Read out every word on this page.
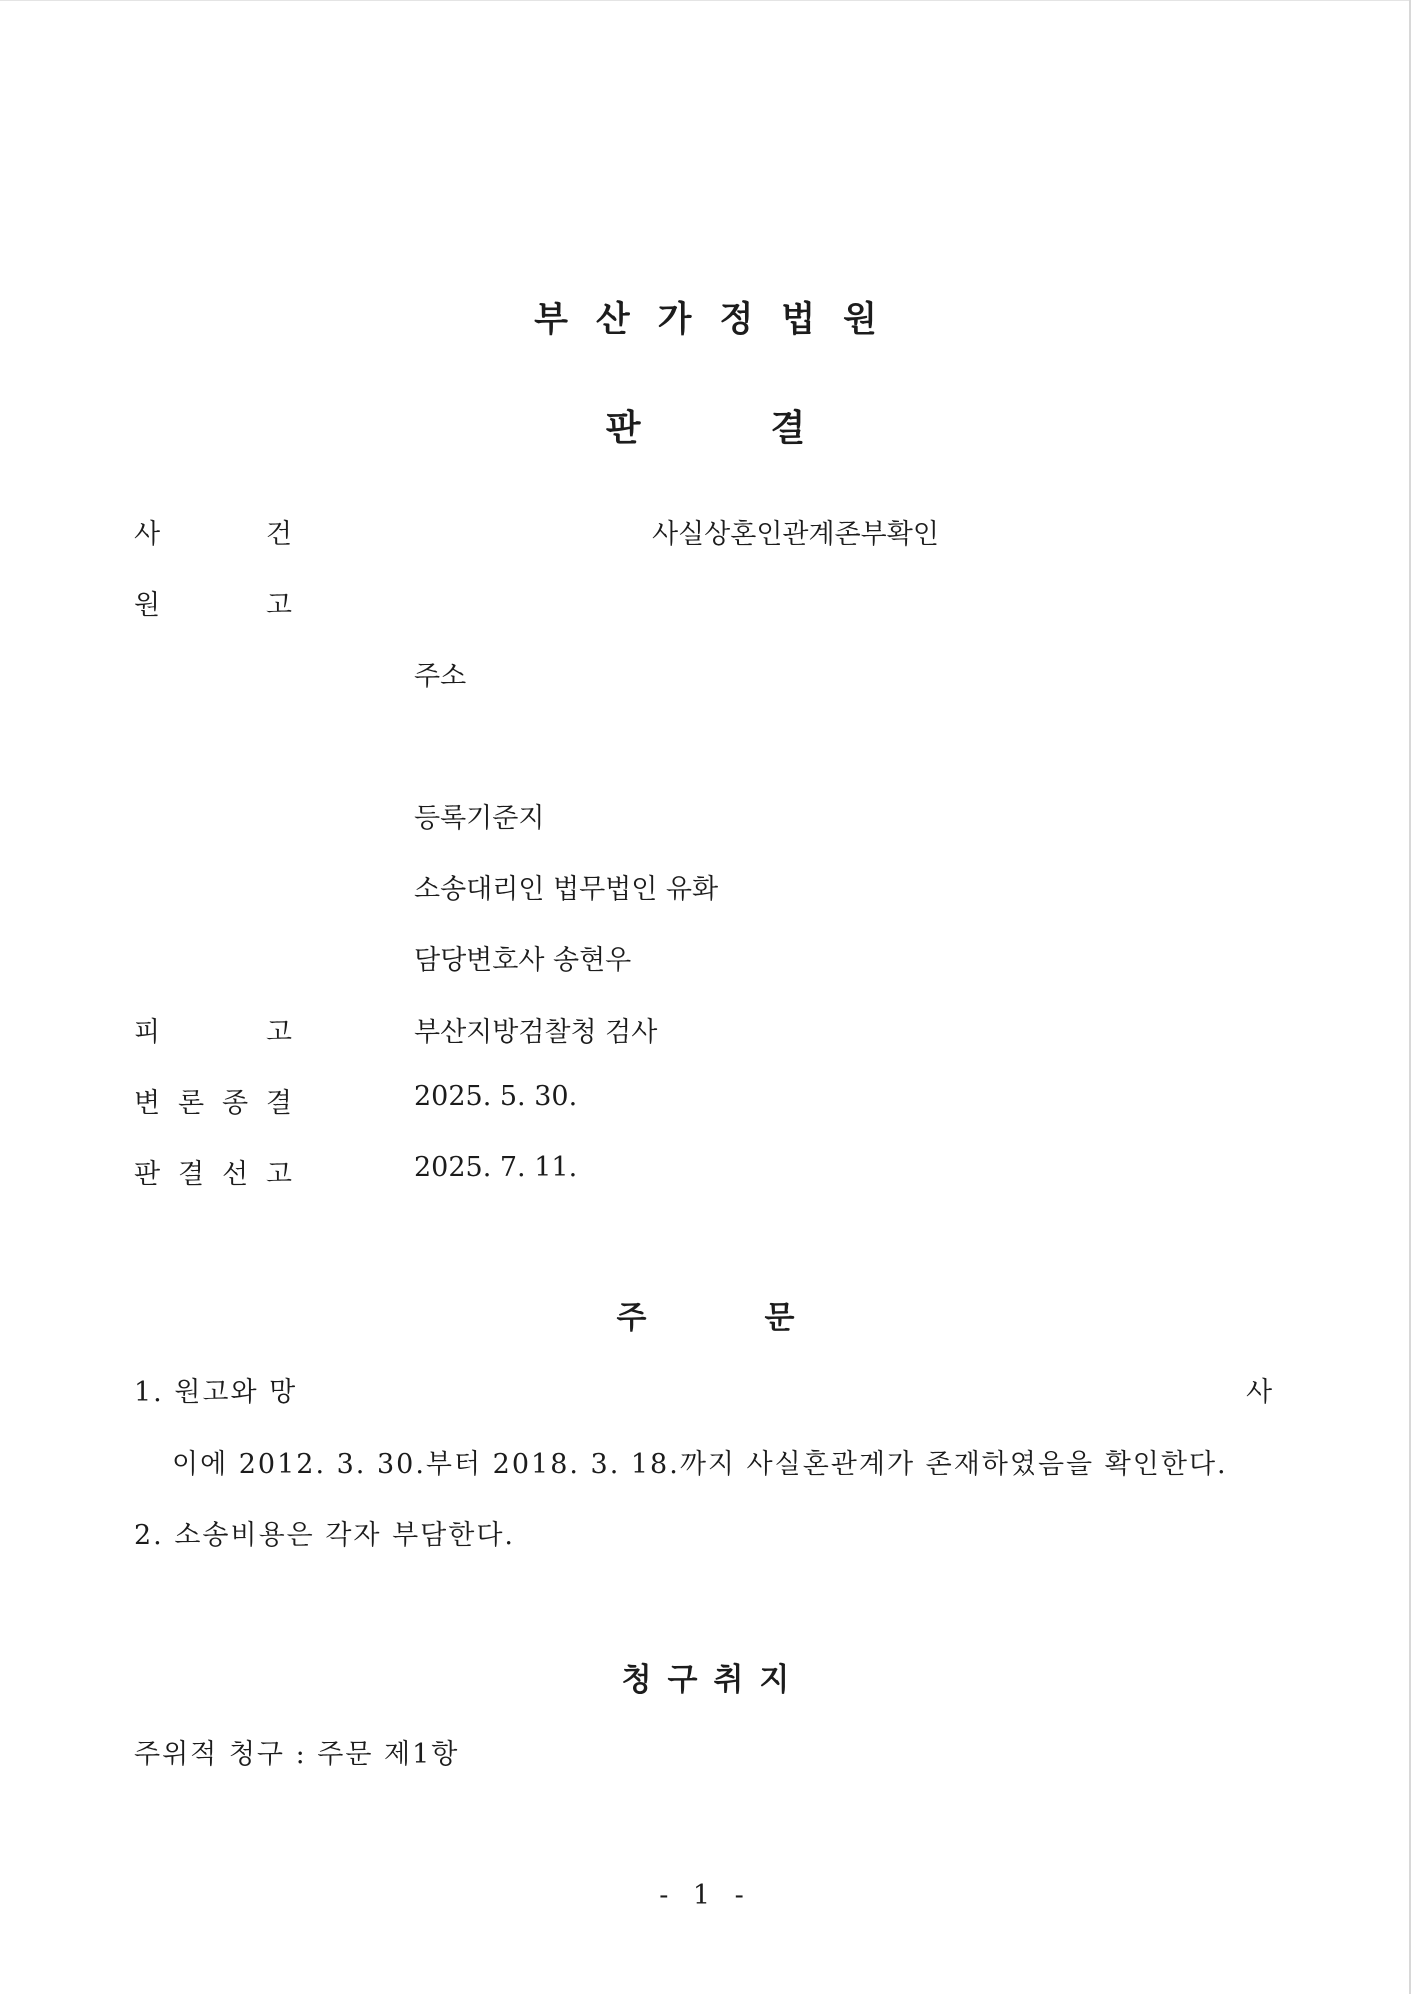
부산가정법원
판결
사	건	사실상혼인관계존부확인
원	고
주소
등록기준지
소송대리인 법무법인 유화
담당변호사 송현우
피	고	부산지방검찰청 검사
변 론 종 결	2025. 5. 30.
판 결 선 고	2025. 7. 11.
주문
1. 원고와 망	사
이에 2012. 3. 30.부터 2018. 3. 18.까지 사실혼관계가 존재하였음을 확인한다.
2. 소송비용은 각자 부담한다.
청구취지
주위적 청구 : 주문 제1항
- 1 -
